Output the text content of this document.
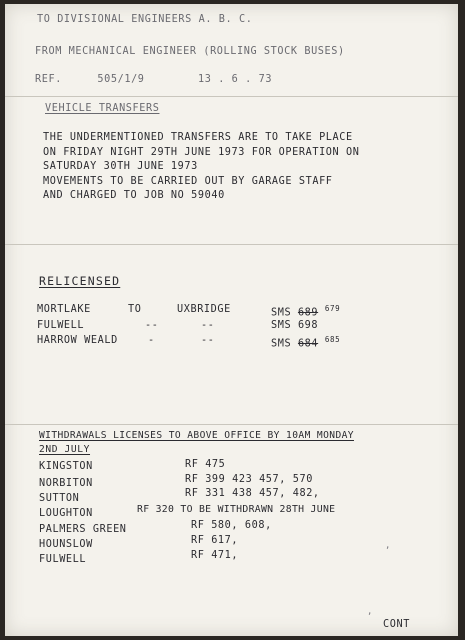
TO DIVISIONAL ENGINEERS A. B. C.
FROM MECHANICAL ENGINEER (ROLLING STOCK BUSES)
REF.	505/1/9	13 . 6 . 73
VEHICLE TRANSFERS
THE UNDERMENTIONED TRANSFERS ARE TO TAKE PLACE
ON FRIDAY NIGHT 29TH JUNE 1973 FOR OPERATION ON
SATURDAY 30TH JUNE 1973
MOVEMENTS TO BE CARRIED OUT BY GARAGE STAFF
AND CHARGED TO JOB NO 59040
RELICENSED
MORTLAKE	TO	UXBRIDGE	SMS 689 $^{679}$
FULWELL	--	--	SMS 698
HARROW WEALD	-	--	SMS 684 $^{685}$
WITHDRAWALS LICENSES TO ABOVE OFFICE BY 10AM MONDAY
2ND JULY
KINGSTON	RF 475
NORBITON	RF 399 423 457, 570
SUTTON	RF 331 438 457, 482,
LOUGHTON	RF 320 TO BE WITHDRAWN 28TH JUNE
PALMERS GREEN	RF 580, 608,
HOUNSLOW	RF 617,
FULWELL	RF 471,
,
,
CONT
